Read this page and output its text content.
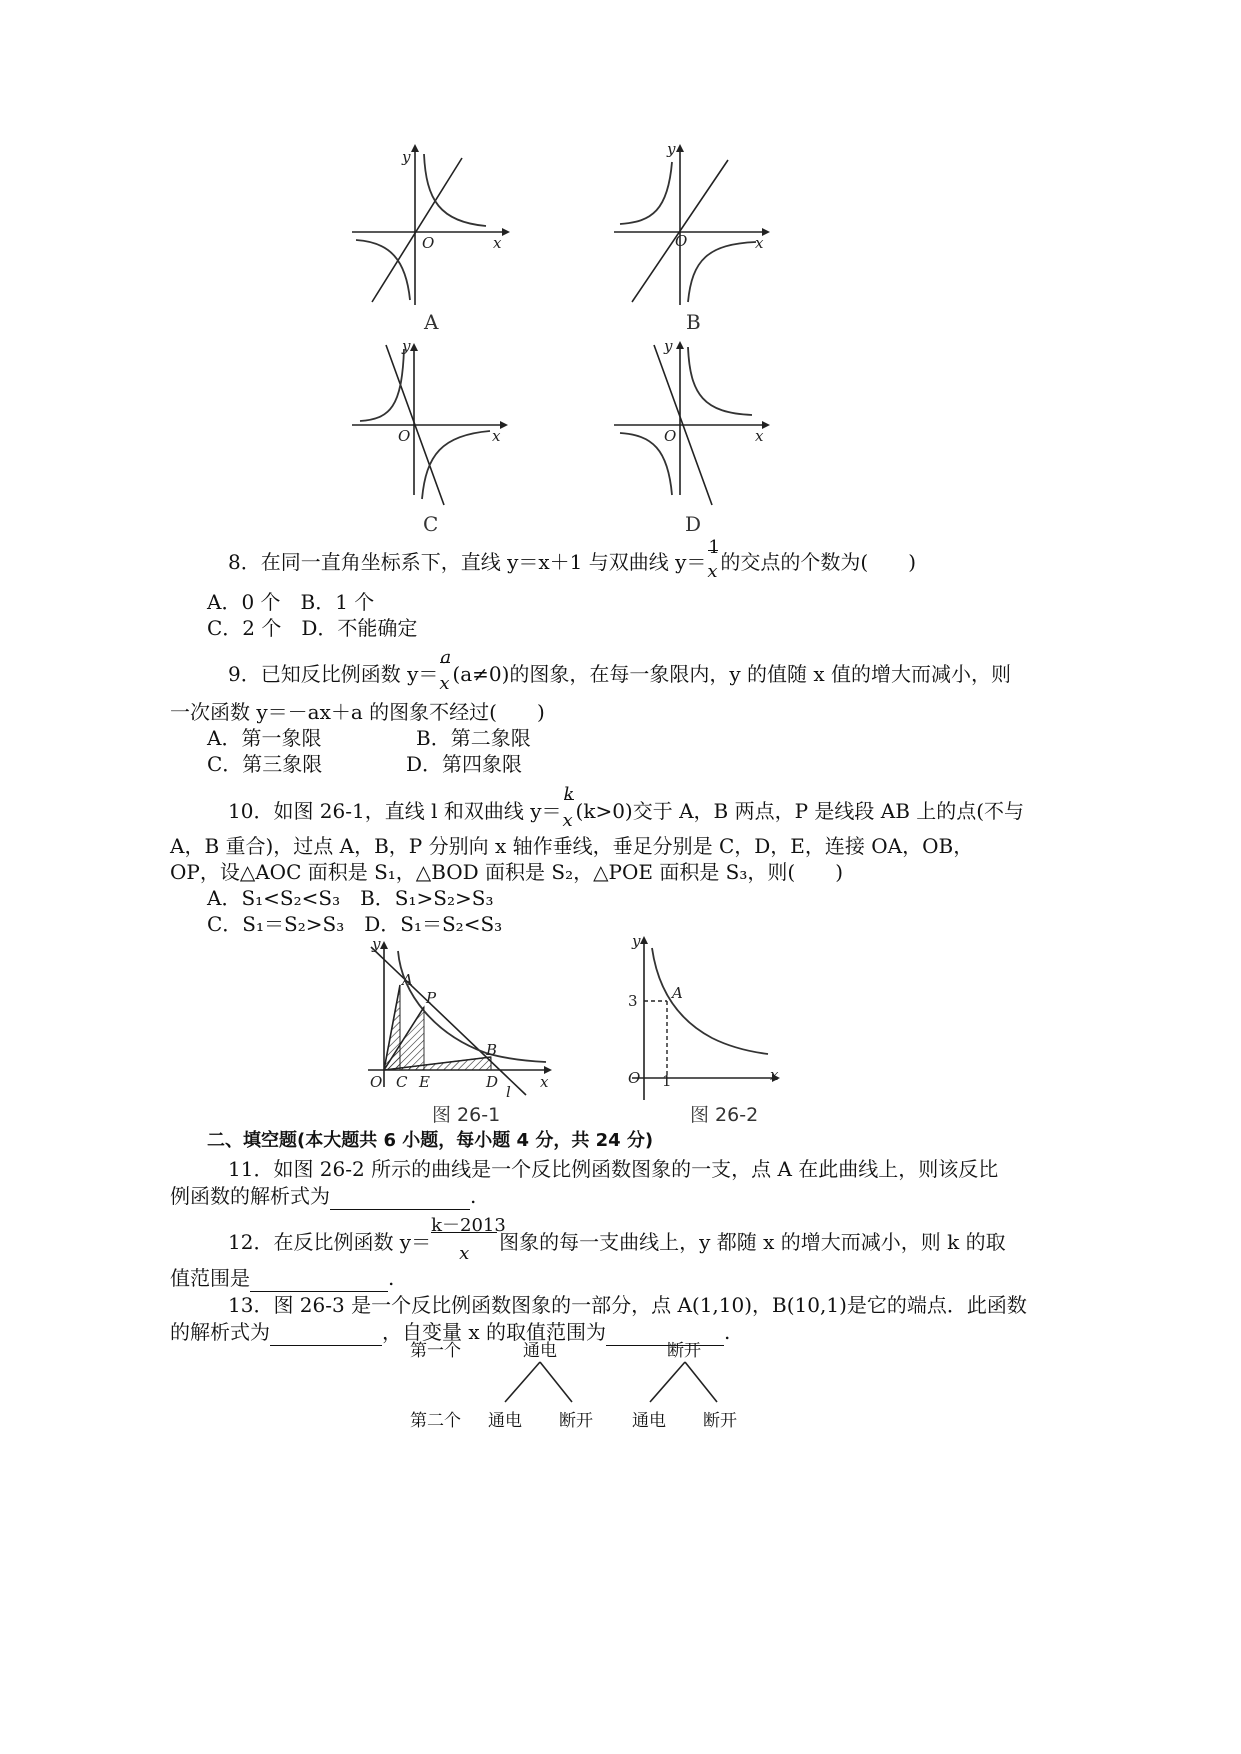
y
x
O
A
y
x
O
B
y
x
O
C
y
x
O
D
8．在同一直角坐标系下，直线 y＝x＋1 与双曲线 y＝
$\frac{1}{x}$
的交点的个数为(　　)
A．0 个　B．1 个
C．2 个　D．不能确定
9．已知反比例函数 y＝
$\frac{a}{x}$
(a≠0)的图象，在每一象限内，y 的值随 x 值的增大而减小，则
一次函数 y＝－ax＋a 的图象不经过(　　)
A．第一象限	B．第二象限
C．第三象限	D．第四象限
10．如图 26-1，直线 l 和双曲线 y＝
$\frac{k}{x}$
(k>0)交于 A，B 两点，P 是线段 AB 上的点(不与
A，B 重合)，过点 A，B，P 分别向 x 轴作垂线，垂足分别是 C，D，E，连接 OA，OB，
OP，设△AOC 面积是 S₁，△BOD 面积是 S₂，△POE 面积是 S₃，则(　　)
A．S₁<S₂<S₃　B．S₁>S₂>S₃
C．S₁＝S₂>S₃　D．S₁＝S₂<S₃
y
x
O
A
P
B
C E	D
l
图 26-1
y
x
O
3
1
A
图 26-2
二、填空题(本大题共 6 小题，每小题 4 分，共 24 分)
11．如图 26-2 所示的曲线是一个反比例函数图象的一支，点 A 在此曲线上，则该反比
例函数的解析式为	.
12．在反比例函数 y＝
$\frac{k-2013}{x}$
图象的每一支曲线上，y 都随 x 的增大而减小，则 k 的取
值范围是	.
13．图 26-3 是一个反比例函数图象的一部分，点 A(1,10)，B(10,1)是它的端点．此函数
的解析式为	，自变量 x 的取值范围为	.
第一个	通电	断开
第二个 通电 断开 通电 断开
